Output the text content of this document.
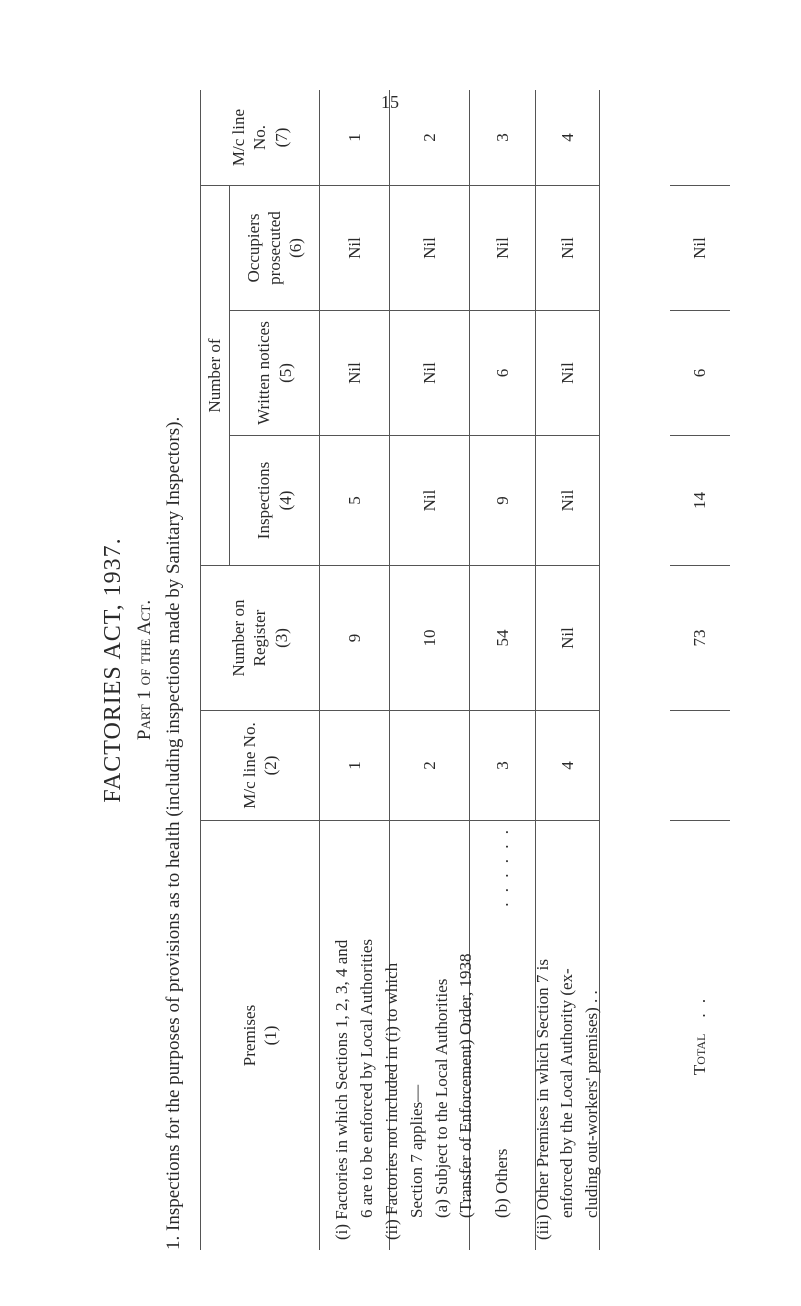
15
FACTORIES ACT, 1937. Part 1 of the Act. 1. Inspections for the purposes of provisions as to health (including inspections made by Sanitary Inspectors).	Premises (1)
M/c line No. (2)
Number on Register (3)
Number of
Inspections (4)
Written notices (5)
Occupiers prosecuted (6)
M/c line No. (7)
(i) Factories in which Sections 1, 2, 3, 4 and 6 are to be enforced by Local Authorities
1
9
5
Nil
Nil
1
(ii) Factories not included in (i) to which Section 7 applies— (a) Subject to the Local Authorities (Transfer of Enforcement) Order, 1938
2
10
Nil
Nil
Nil
2
(b) Others
. . . . . .
3
54
9
6
Nil
3
(iii) Other Premises in which Section 7 is enforced by the Local Authority (ex- cluding out-workers' premises) . .
4
Nil
Nil
Nil
Nil
4
Total
. .
73
14
6
Nil
